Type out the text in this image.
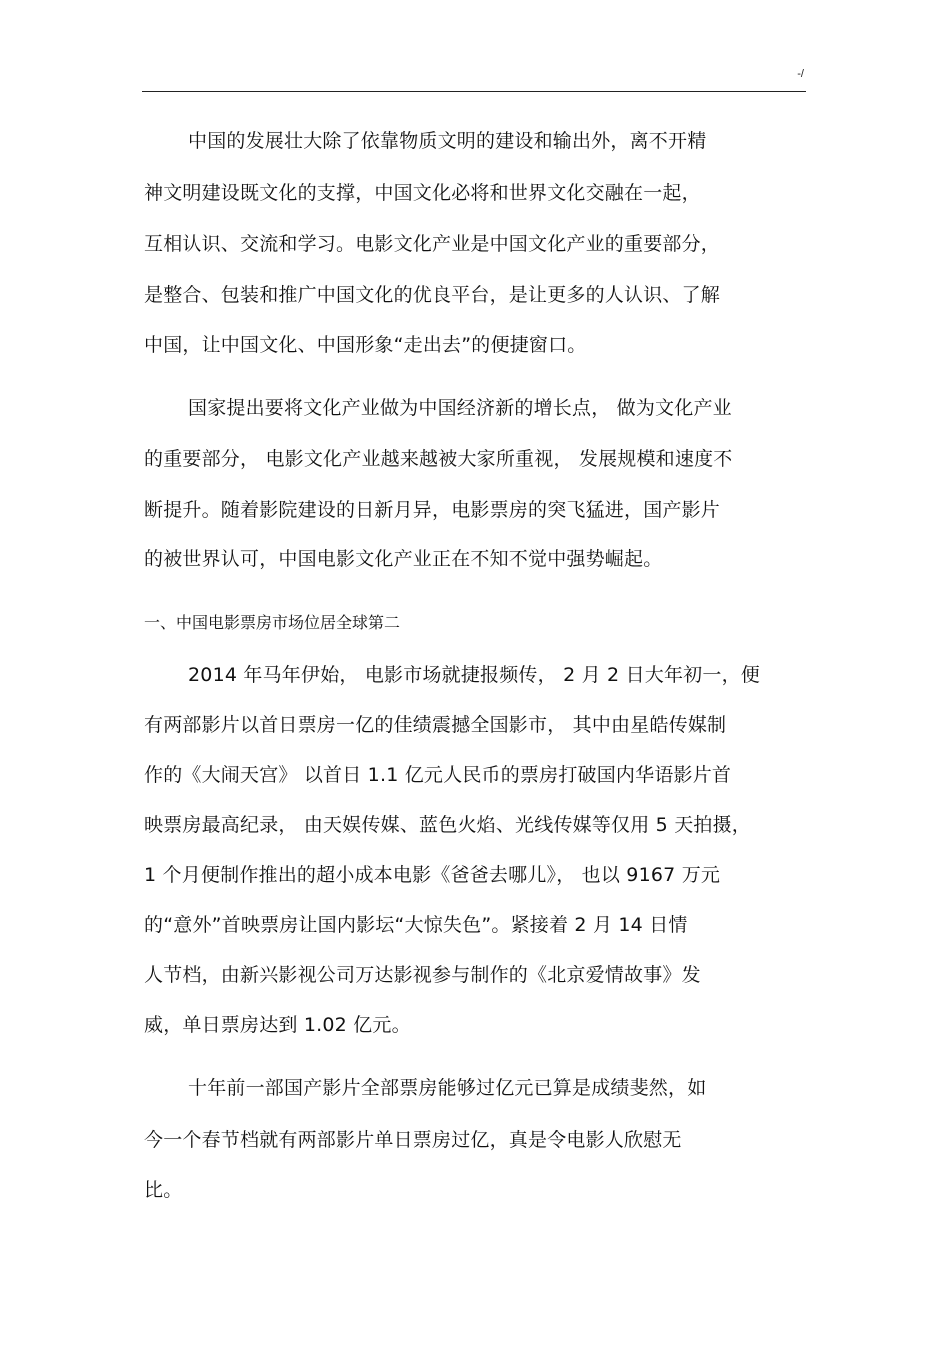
-/
中国的发展壮大除了依靠物质文明的建设和输出外，离不开精
神文明建设既文化的支撑，中国文化必将和世界文化交融在一起，
互相认识、交流和学习。电影文化产业是中国文化产业的重要部分，
是整合、包装和推广中国文化的优良平台，是让更多的人认识、了解
中国，让中国文化、中国形象“走出去”的便捷窗口。
国家提出要将文化产业做为中国经济新的增长点， 做为文化产业
的重要部分， 电影文化产业越来越被大家所重视， 发展规模和速度不
断提升。随着影院建设的日新月异，电影票房的突飞猛进，国产影片
的被世界认可，中国电影文化产业正在不知不觉中强势崛起。
一、中国电影票房市场位居全球第二
2014 年马年伊始， 电影市场就捷报频传， 2 月 2 日大年初一，便
有两部影片以首日票房一亿的佳绩震撼全国影市， 其中由星皓传媒制
作的《大闹天宫》 以首日 1.1 亿元人民币的票房打破国内华语影片首
映票房最高纪录， 由天娱传媒、蓝色火焰、光线传媒等仅用 5 天拍摄，
1 个月便制作推出的超小成本电影《爸爸去哪儿》， 也以 9167 万元
的“意外”首映票房让国内影坛“大惊失色”。紧接着 2 月 14 日情
人节档，由新兴影视公司万达影视参与制作的《北京爱情故事》发
威，单日票房达到 1.02 亿元。
十年前一部国产影片全部票房能够过亿元已算是成绩斐然，如
今一个春节档就有两部影片单日票房过亿，真是令电影人欣慰无
比。
